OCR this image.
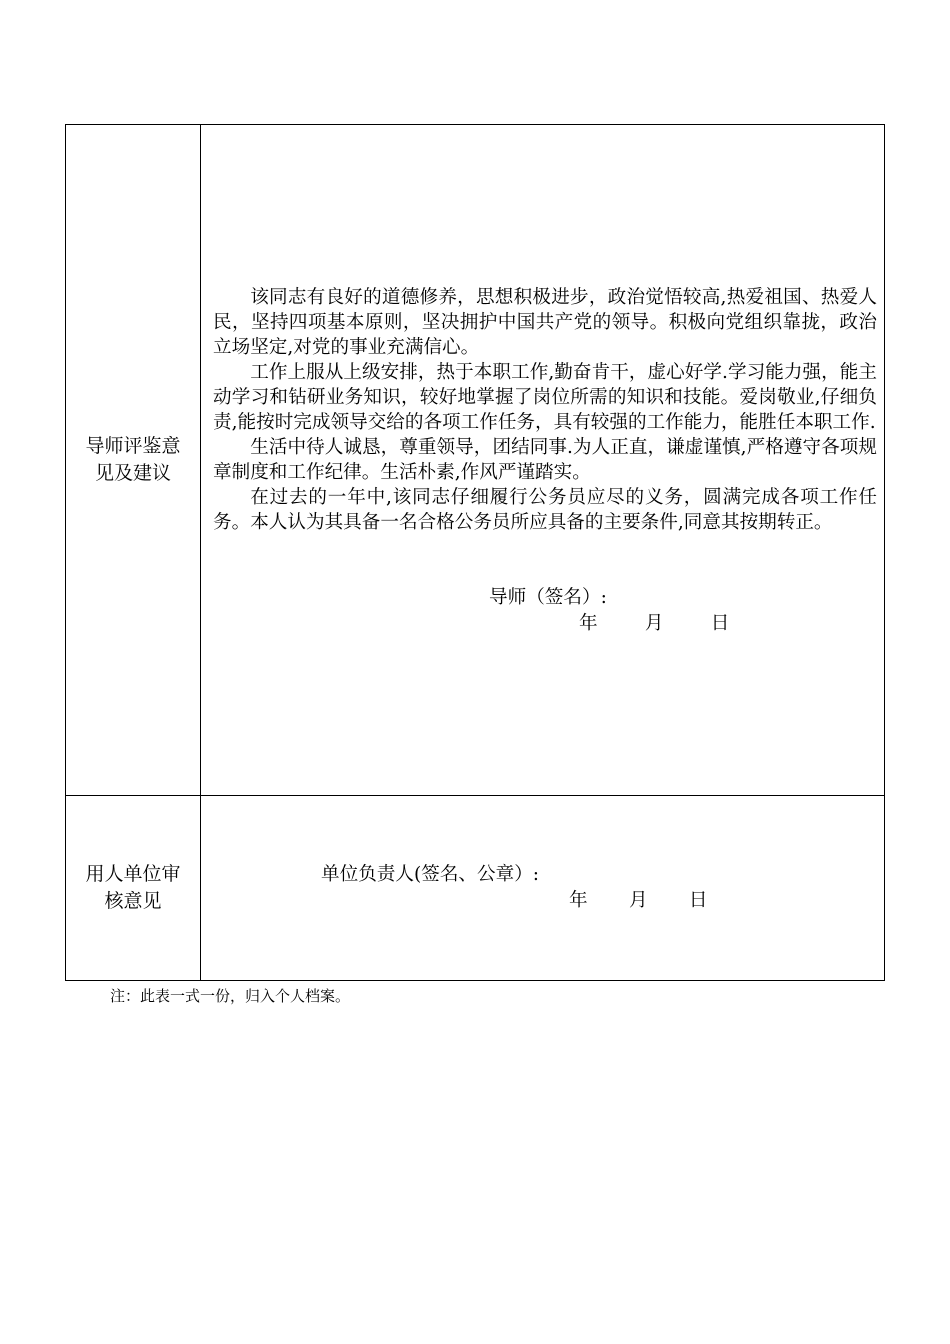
导师评鉴意见及建议

该同志有良好的道德修养，思想积极进步，政治觉悟较高,热爱祖国、热爱人民，坚持四项基本原则，坚决拥护中国共产党的领导。积极向党组织靠拢，政治立场坚定,对党的事业充满信心。

工作上服从上级安排，热于本职工作,勤奋肯干，虚心好学.学习能力强，能主动学习和钻研业务知识，较好地掌握了岗位所需的知识和技能。爱岗敬业,仔细负责,能按时完成领导交给的各项工作任务，具有较强的工作能力，能胜任本职工作.

生活中待人诚恳，尊重领导，团结同事.为人正直，谦虚谨慎,严格遵守各项规章制度和工作纪律。生活朴素,作风严谨踏实。

在过去的一年中,该同志仔细履行公务员应尽的义务，圆满完成各项工作任务。本人认为其具备一名合格公务员所应具备的主要条件,同意其按期转正。

导师（签名）:
年        月        日
用人单位审核意见
单位负责人(签名、公章）:
年       月       日
注：此表一式一份，归入个人档案。
